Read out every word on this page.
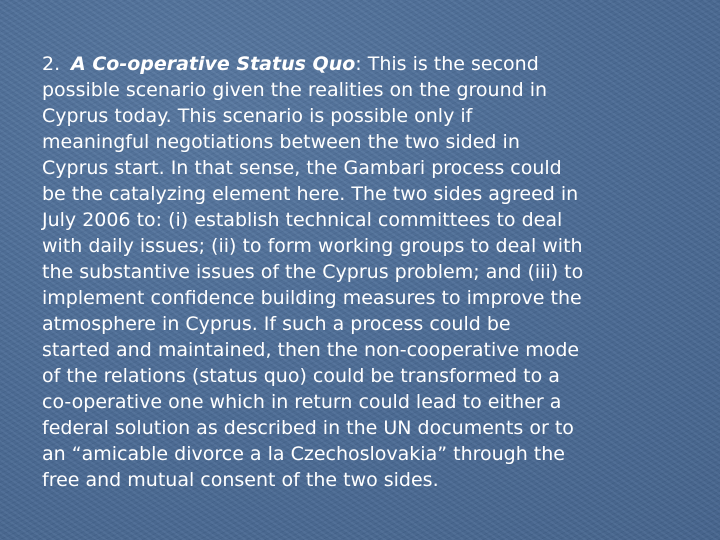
2. A Co-operative Status Quo: This is the second
possible scenario given the realities on the ground in
Cyprus today. This scenario is possible only if
meaningful negotiations between the two sided in
Cyprus start. In that sense, the Gambari process could
be the catalyzing element here. The two sides agreed in
July 2006 to: (i) establish technical committees to deal
with daily issues; (ii) to form working groups to deal with
the substantive issues of the Cyprus problem; and (iii) to
implement confidence building measures to improve the
atmosphere in Cyprus. If such a process could be
started and maintained, then the non-cooperative mode
of the relations (status quo) could be transformed to a
co-operative one which in return could lead to either a
federal solution as described in the UN documents or to
an “amicable divorce a la Czechoslovakia” through the
free and mutual consent of the two sides.
